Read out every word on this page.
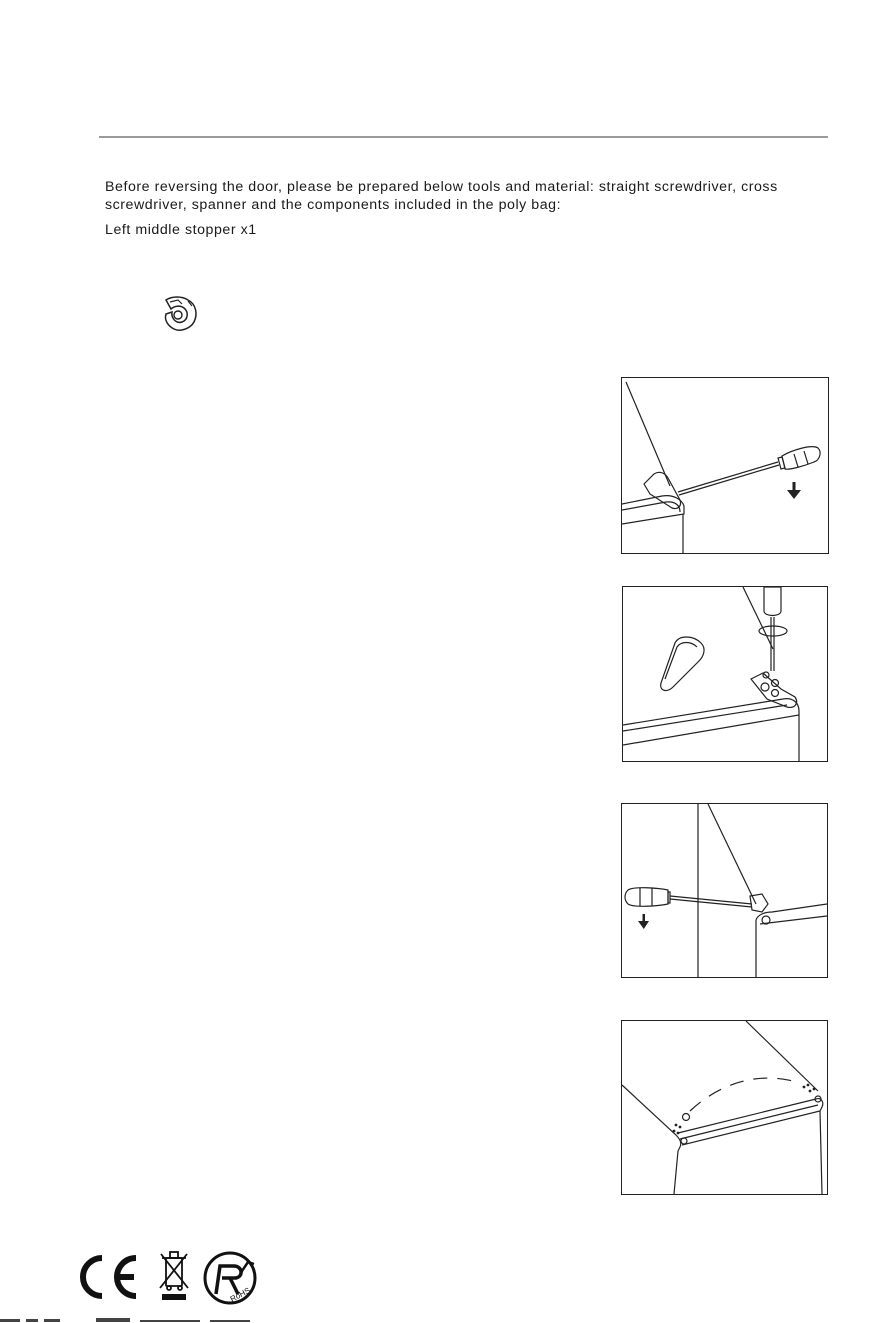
Before reversing the door, please be prepared below tools and material: straight screwdriver, cross

screwdriver, spanner and the components included in the poly bag:

Left middle stopper x1
RoHS
